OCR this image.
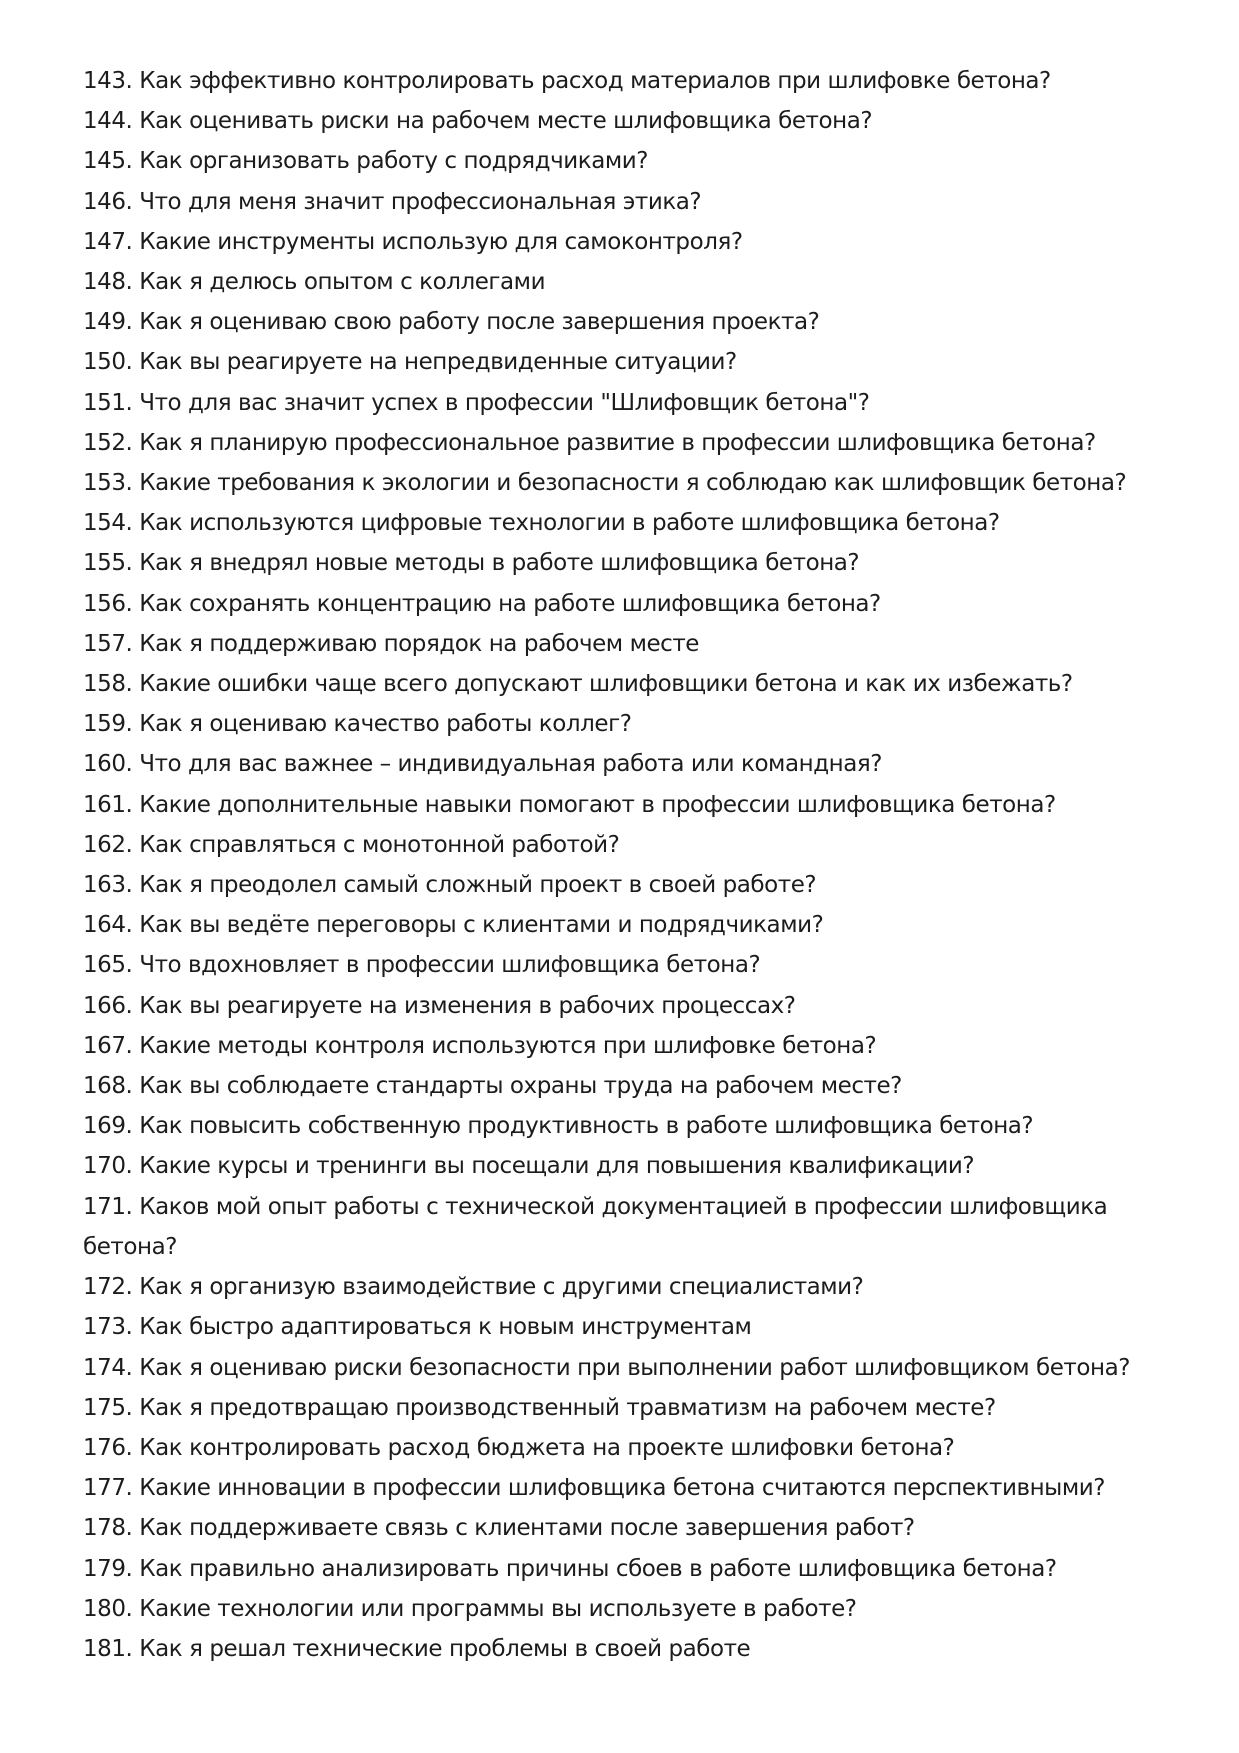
143. Как эффективно контролировать расход материалов при шлифовке бетона?
144. Как оценивать риски на рабочем месте шлифовщика бетона?
145. Как организовать работу с подрядчиками?
146. Что для меня значит профессиональная этика?
147. Какие инструменты использую для самоконтроля?
148. Как я делюсь опытом с коллегами
149. Как я оцениваю свою работу после завершения проекта?
150. Как вы реагируете на непредвиденные ситуации?
151. Что для вас значит успех в профессии "Шлифовщик бетона"?
152. Как я планирую профессиональное развитие в профессии шлифовщика бетона?
153. Какие требования к экологии и безопасности я соблюдаю как шлифовщик бетона?
154. Как используются цифровые технологии в работе шлифовщика бетона?
155. Как я внедрял новые методы в работе шлифовщика бетона?
156. Как сохранять концентрацию на работе шлифовщика бетона?
157. Как я поддерживаю порядок на рабочем месте
158. Какие ошибки чаще всего допускают шлифовщики бетона и как их избежать?
159. Как я оцениваю качество работы коллег?
160. Что для вас важнее – индивидуальная работа или командная?
161. Какие дополнительные навыки помогают в профессии шлифовщика бетона?
162. Как справляться с монотонной работой?
163. Как я преодолел самый сложный проект в своей работе?
164. Как вы ведёте переговоры с клиентами и подрядчиками?
165. Что вдохновляет в профессии шлифовщика бетона?
166. Как вы реагируете на изменения в рабочих процессах?
167. Какие методы контроля используются при шлифовке бетона?
168. Как вы соблюдаете стандарты охраны труда на рабочем месте?
169. Как повысить собственную продуктивность в работе шлифовщика бетона?
170. Какие курсы и тренинги вы посещали для повышения квалификации?
171. Каков мой опыт работы с технической документацией в профессии шлифовщика бетона?
172. Как я организую взаимодействие с другими специалистами?
173. Как быстро адаптироваться к новым инструментам
174. Как я оцениваю риски безопасности при выполнении работ шлифовщиком бетона?
175. Как я предотвращаю производственный травматизм на рабочем месте?
176. Как контролировать расход бюджета на проекте шлифовки бетона?
177. Какие инновации в профессии шлифовщика бетона считаются перспективными?
178. Как поддерживаете связь с клиентами после завершения работ?
179. Как правильно анализировать причины сбоев в работе шлифовщика бетона?
180. Какие технологии или программы вы используете в работе?
181. Как я решал технические проблемы в своей работе
